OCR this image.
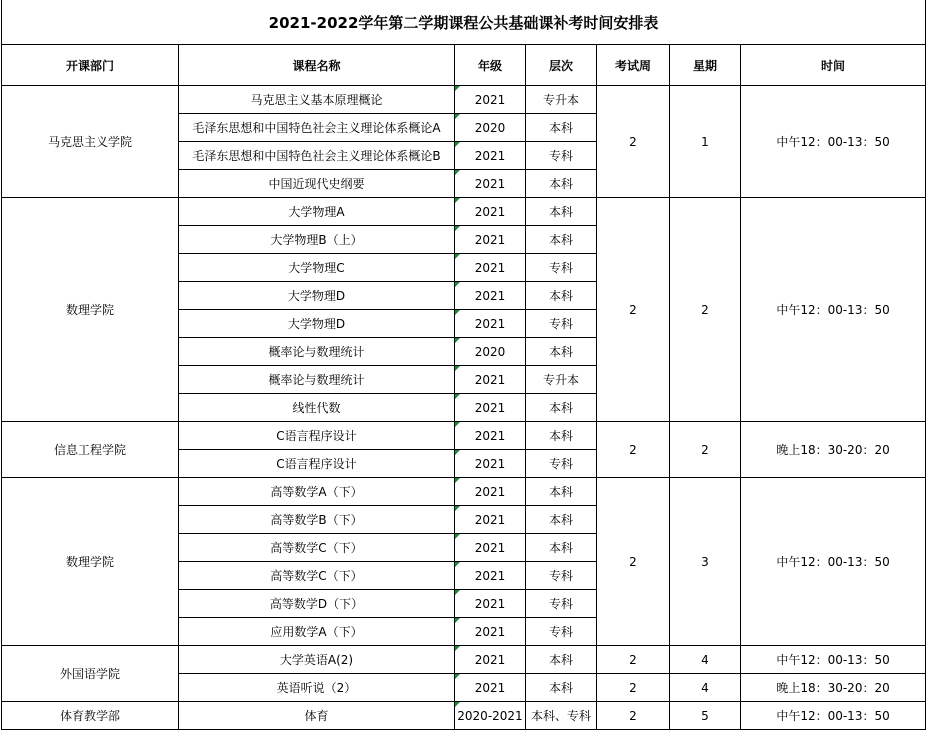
2021-2022学年第二学期课程公共基础课补考时间安排表						
开课部门	课程名称	年级	层次	考试周	星期	时间
马克思主义学院	马克思主义基本原理概论	2021	专升本	2	1	中午12：00-13：50
	毛泽东思想和中国特色社会主义理论体系概论A	2020	本科			
	毛泽东思想和中国特色社会主义理论体系概论B	2021	专科			
	中国近现代史纲要	2021	本科			
数理学院	大学物理A	2021	本科	2	2	中午12：00-13：50
	大学物理B（上）	2021	本科			
	大学物理C	2021	专科			
	大学物理D	2021	本科			
	大学物理D	2021	专科			
	概率论与数理统计	2020	本科			
	概率论与数理统计	2021	专升本			
	线性代数	2021	本科			
信息工程学院	C语言程序设计	2021	本科	2	2	晚上18：30-20：20
	C语言程序设计	2021	专科			
数理学院	高等数学A（下）	2021	本科	2	3	中午12：00-13：50
	高等数学B（下）	2021	本科			
	高等数学C（下）	2021	本科			
	高等数学C（下）	2021	专科			
	高等数学D（下）	2021	专科			
	应用数学A（下）	2021	专科			
外国语学院	大学英语A(2)	2021	本科	2	4	中午12：00-13：50
	英语听说（2）	2021	本科	2	4	晚上18：30-20：20
体育教学部	体育	2020-2021	本科、专科	2	5	中午12：00-13：50
